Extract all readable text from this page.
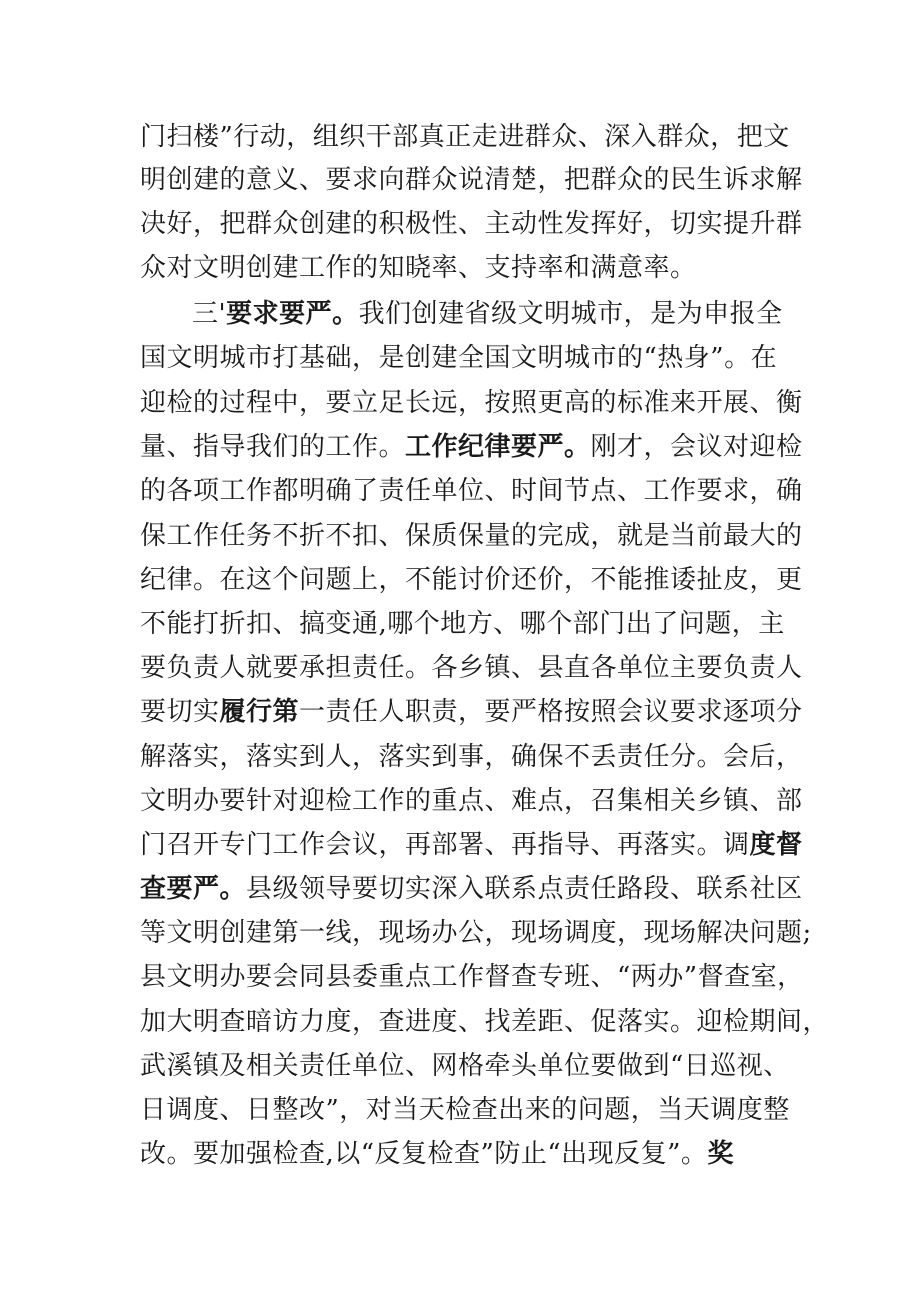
门扫楼”行动，组织干部真正走进群众、深入群众，把文
明创建的意义、要求向群众说清楚，把群众的民生诉求解
决好，把群众创建的积极性、主动性发挥好，切实提升群
众对文明创建工作的知晓率、支持率和满意率。
三'要求要严。我们创建省级文明城市，是为申报全
国文明城市打基础，是创建全国文明城市的“热身”。在
迎检的过程中，要立足长远，按照更高的标准来开展、衡
量、指导我们的工作。工作纪律要严。刚才，会议对迎检
的各项工作都明确了责任单位、时间节点、工作要求，确
保工作任务不折不扣、保质保量的完成，就是当前最大的
纪律。在这个问题上，不能讨价还价，不能推诿扯皮，更
不能打折扣、搞变通,哪个地方、哪个部门出了问题，主
要负责人就要承担责任。各乡镇、县直各单位主要负责人
要切实履行第一责任人职责，要严格按照会议要求逐项分
解落实，落实到人，落实到事，确保不丢责任分。会后，
文明办要针对迎检工作的重点、难点，召集相关乡镇、部
门召开专门工作会议，再部署、再指导、再落实。调度督
查要严。县级领导要切实深入联系点责任路段、联系社区
等文明创建第一线，现场办公，现场调度，现场解决问题;
县文明办要会同县委重点工作督查专班、“两办”督查室，
加大明查暗访力度，查进度、找差距、促落实。迎检期间，
武溪镇及相关责任单位、网格牵头单位要做到“日巡视、
日调度、日整改”，对当天检查出来的问题，当天调度整
改。要加强检查,以“反复检查”防止“出现反复”。奖
